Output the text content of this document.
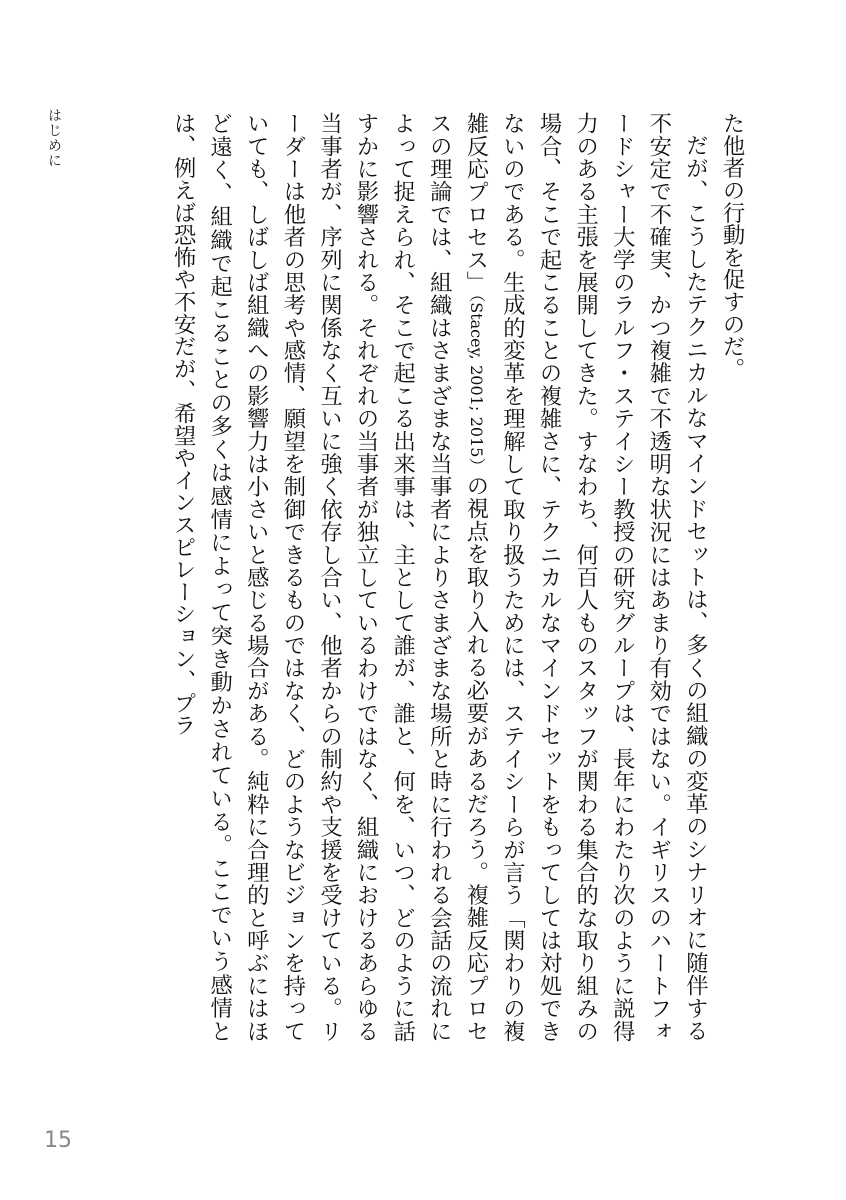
はじめに	た他者の行動を促すのだ。

だが、こうしたテクニカルなマインドセットは、多くの組織の変革のシナリオに随伴する不安定で不確実、かつ複雑で不透明な状況にはあまり有効ではない。イギリスのハートフォードシャー大学のラルフ・ステイシー教授の研究グループは、長年にわたり次のように説得力のある主張を展開してきた。すなわち、何百人ものスタッフが関わる集合的な取り組みの場合、そこで起こることの複雑さに、テクニカルなマインドセットをもってしては対処できないのである。生成的変革を理解して取り扱うためには、ステイシーらが言う「関わりの複雑反応プロセス」（Stacey, 2001; 2015）の視点を取り入れる必要があるだろう。複雑反応プロセスの理論では、組織はさまざまな当事者によりさまざまな場所と時に行われる会話の流れによって捉えられ、そこで起こる出来事は、主として誰が、誰と、何を、いつ、どのように話すかに影響される。それぞれの当事者が独立しているわけではなく、組織におけるあらゆる当事者が、序列に関係なく互いに強く依存し合い、他者からの制約や支援を受けている。リーダーは他者の思考や感情、願望を制御できるものではなく、どのようなビジョンを持っていても、しばしば組織への影響力は小さいと感じる場合がある。純粋に合理的と呼ぶにはほど遠く、組織で起こることの多くは感情によって突き動かされている。ここでいう感情とは、例えば恐怖や不安だが、希望やインスピレーション、プラ

15
